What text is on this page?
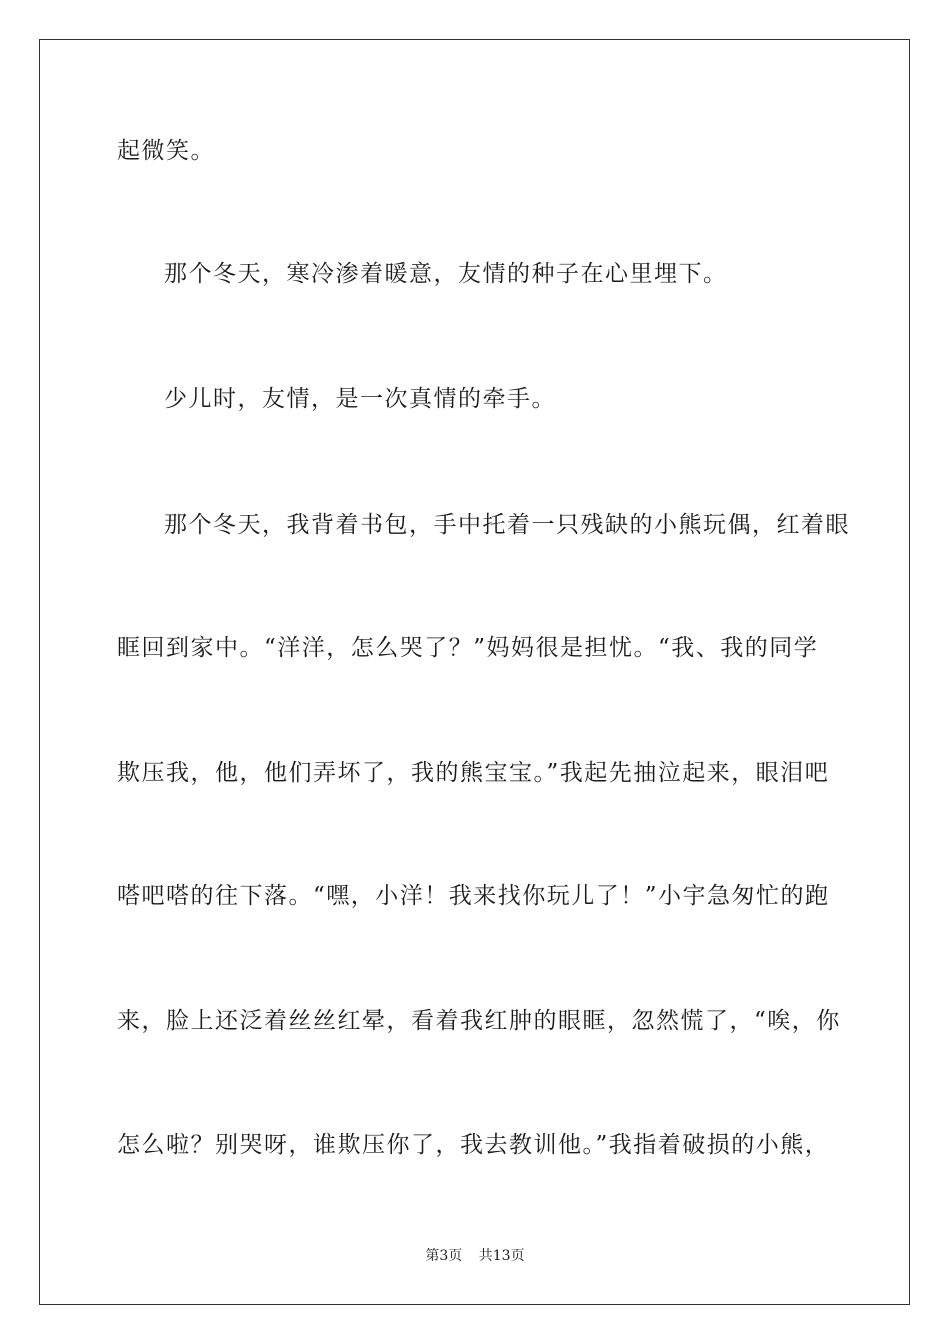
起微笑。

那个冬天，寒冷渗着暖意，友情的种子在心里埋下。

少儿时，友情，是一次真情的牵手。

那个冬天，我背着书包，手中托着一只残缺的小熊玩偶，红着眼

眶回到家中。“洋洋，怎么哭了？”妈妈很是担忧。“我、我的同学

欺压我，他，他们弄坏了，我的熊宝宝。”我起先抽泣起来，眼泪吧

嗒吧嗒的往下落。“嘿，小洋！我来找你玩儿了！”小宇急匆忙的跑

来，脸上还泛着丝丝红晕，看着我红肿的眼眶，忽然慌了，“唉，你

怎么啦？别哭呀，谁欺压你了，我去教训他。”我指着破损的小熊，

第3页 共13页
